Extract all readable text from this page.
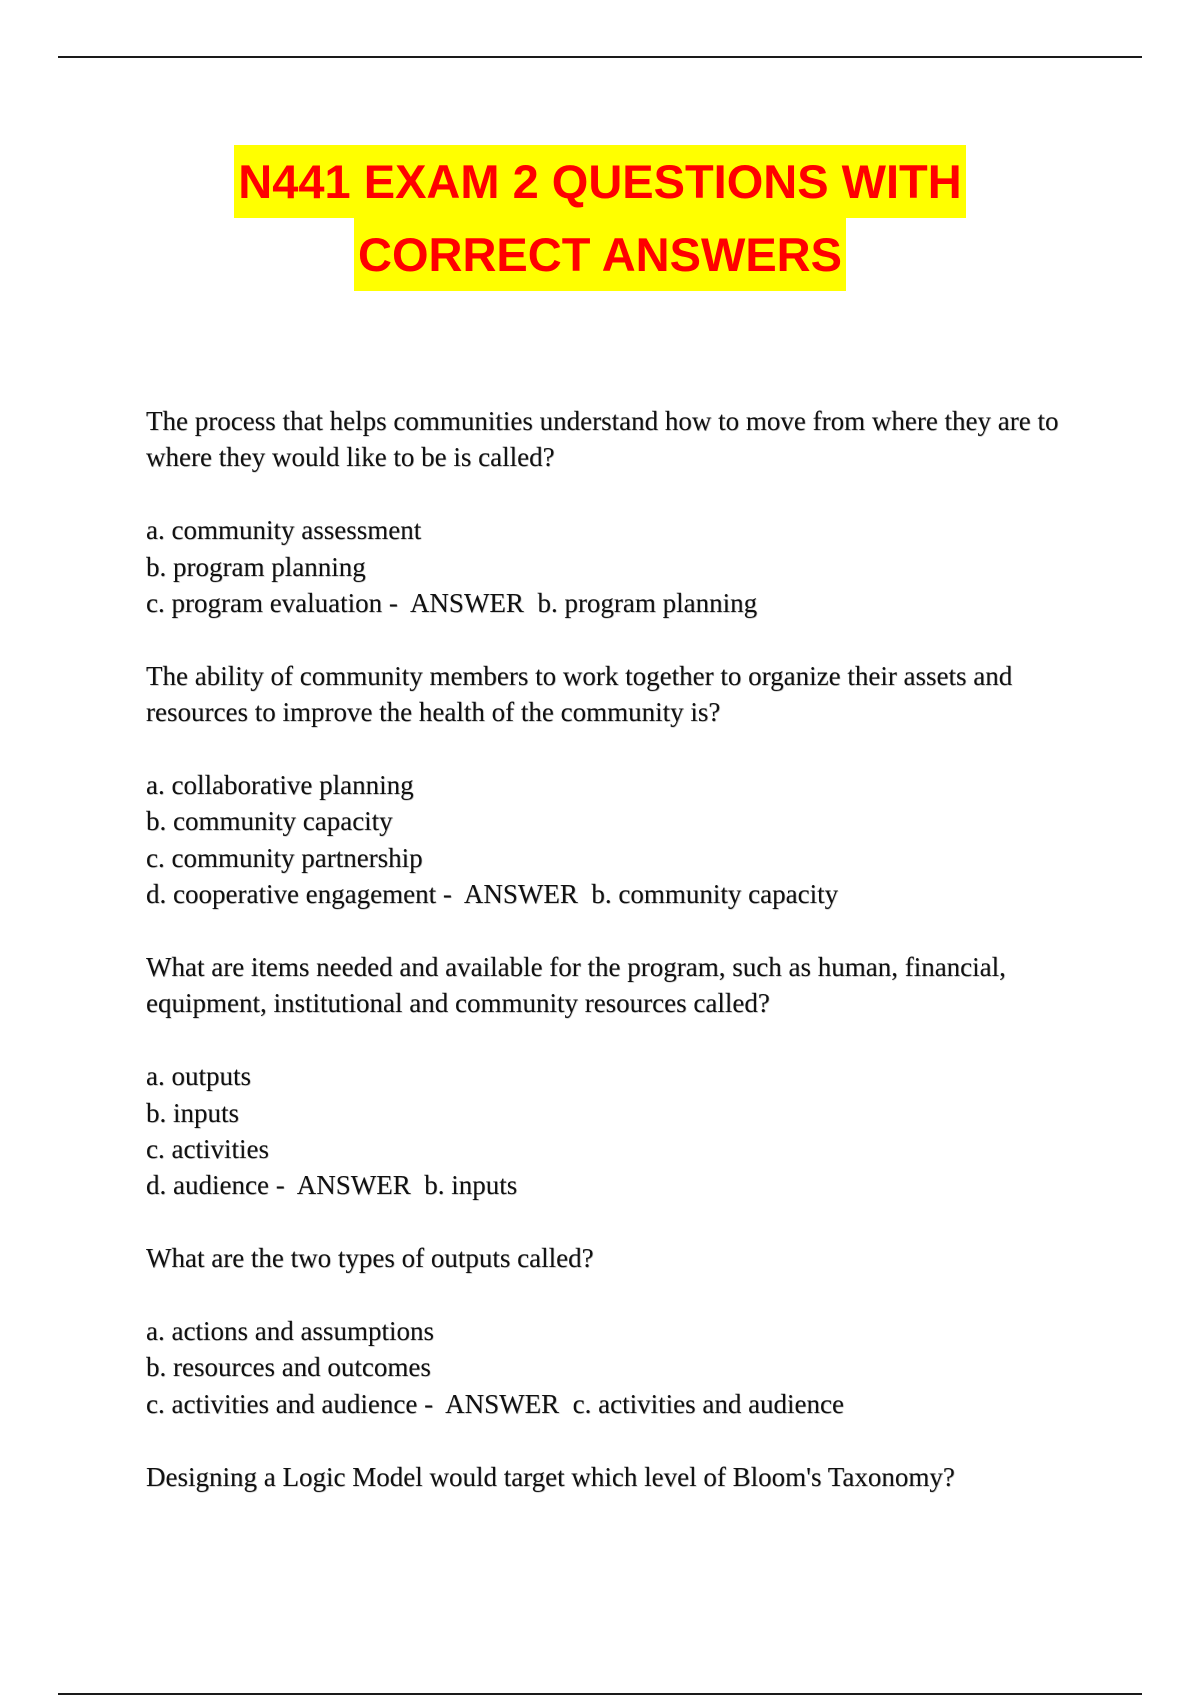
N441 EXAM 2 QUESTIONS WITH
CORRECT ANSWERS

The process that helps communities understand how to move from where they are to where they would like to be is called?

a. community assessment
b. program planning
c. program evaluation -  ANSWER b. program planning

The ability of community members to work together to organize their assets and resources to improve the health of the community is?

a. collaborative planning
b. community capacity
c. community partnership
d. cooperative engagement -  ANSWER b. community capacity

What are items needed and available for the program, such as human, financial, equipment, institutional and community resources called?

a. outputs
b. inputs
c. activities
d. audience -  ANSWER b. inputs

What are the two types of outputs called?

a. actions and assumptions
b. resources and outcomes
c. activities and audience -  ANSWER c. activities and audience

Designing a Logic Model would target which level of Bloom's Taxonomy?
